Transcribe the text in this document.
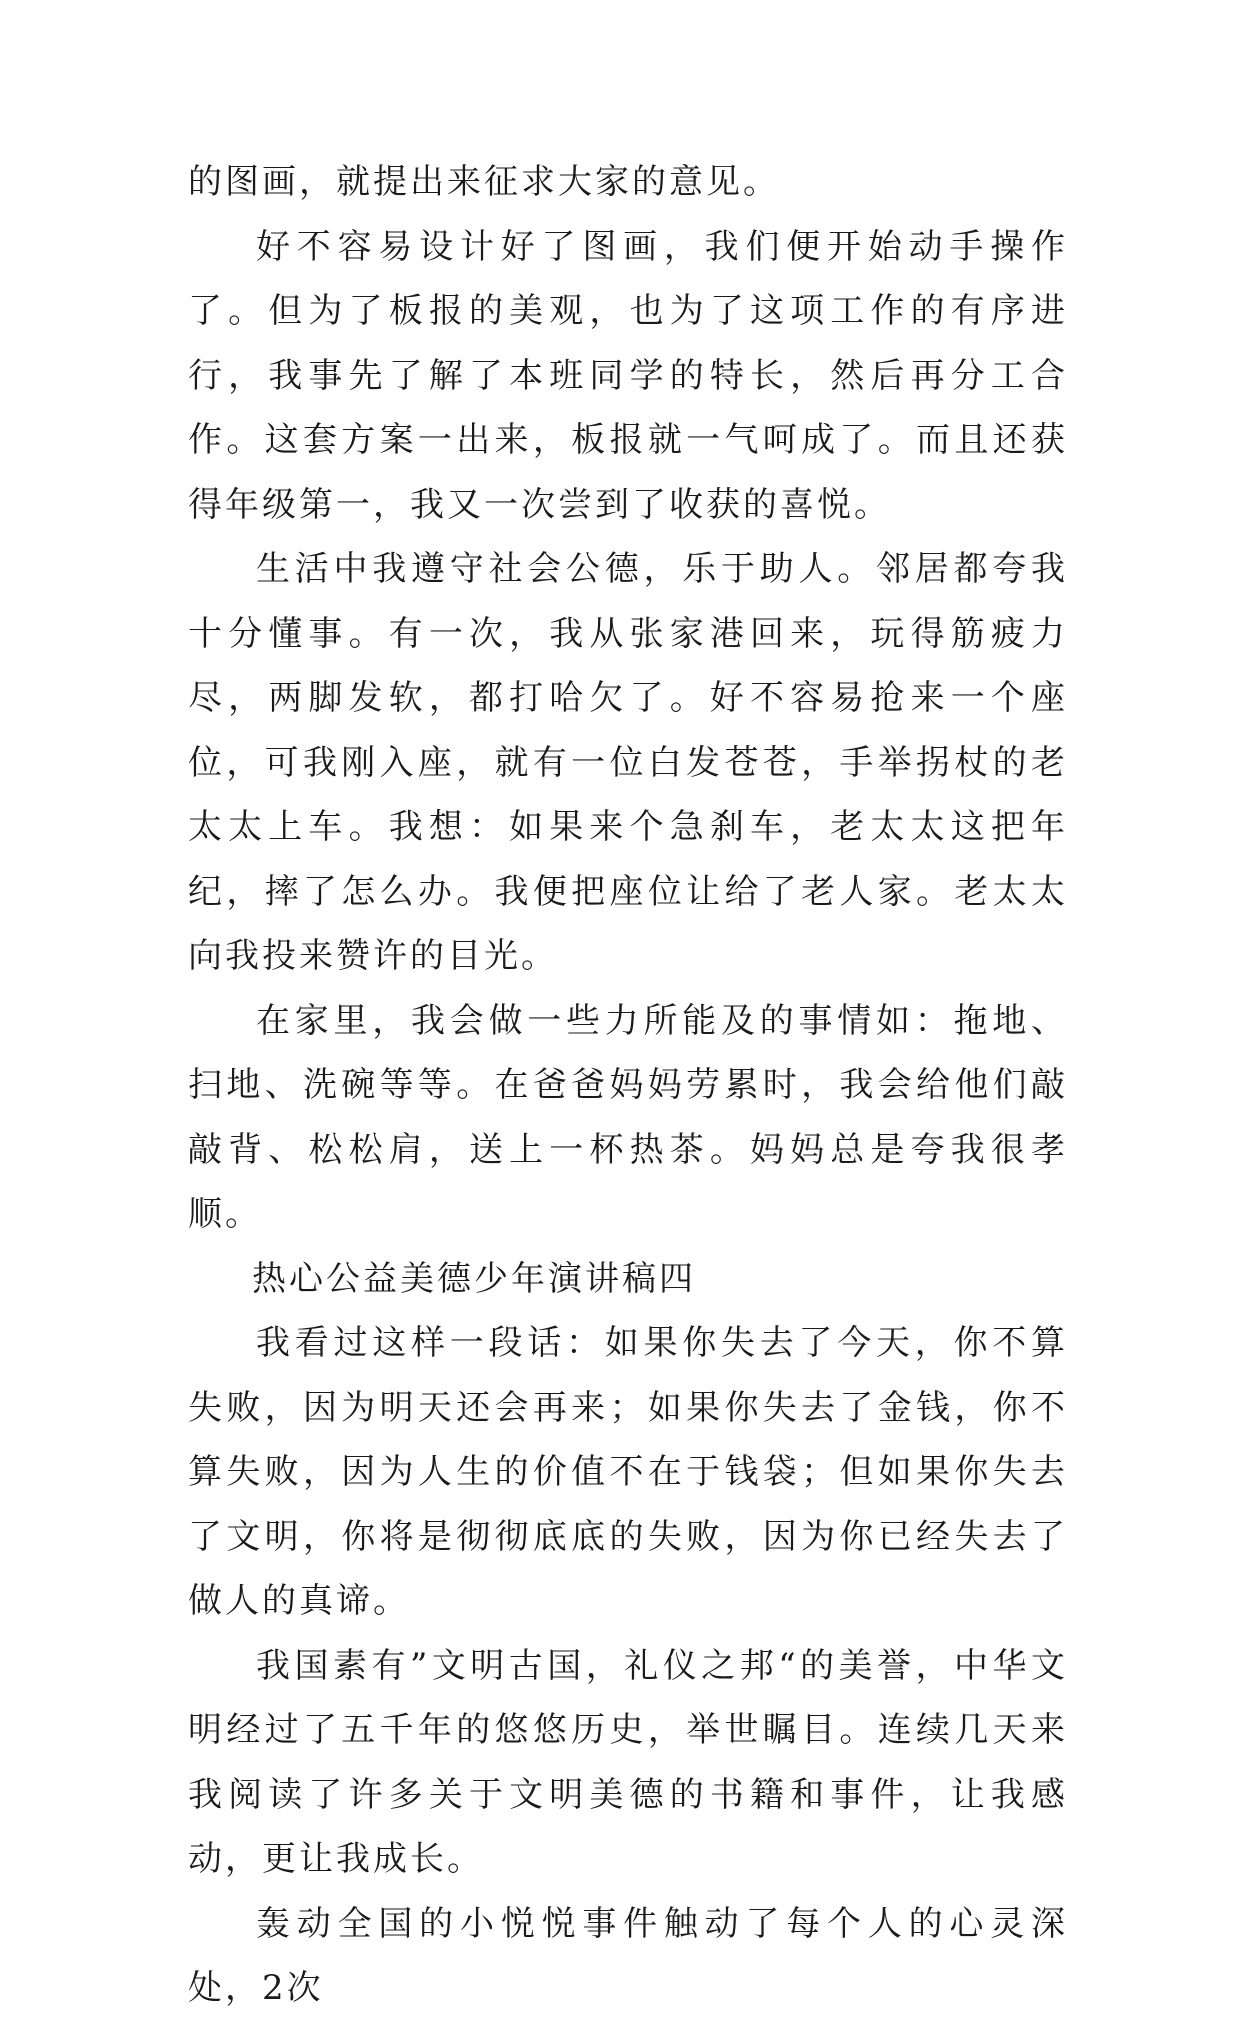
的图画，就提出来征求大家的意见。

好不容易设计好了图画，我们便开始动手操作了。但为了板报的美观，也为了这项工作的有序进行，我事先了解了本班同学的特长，然后再分工合作。这套方案一出来，板报就一气呵成了。而且还获得年级第一，我又一次尝到了收获的喜悦。

生活中我遵守社会公德，乐于助人。邻居都夸我十分懂事。有一次，我从张家港回来，玩得筋疲力尽，两脚发软，都打哈欠了。好不容易抢来一个座位，可我刚入座，就有一位白发苍苍，手举拐杖的老太太上车。我想：如果来个急刹车，老太太这把年纪，摔了怎么办。我便把座位让给了老人家。老太太向我投来赞许的目光。

在家里，我会做一些力所能及的事情如：拖地、扫地、洗碗等等。在爸爸妈妈劳累时，我会给他们敲敲背、松松肩，送上一杯热茶。妈妈总是夸我很孝顺。

热心公益美德少年演讲稿四

我看过这样一段话：如果你失去了今天，你不算失败，因为明天还会再来；如果你失去了金钱，你不算失败，因为人生的价值不在于钱袋；但如果你失去了文明，你将是彻彻底底的失败，因为你已经失去了做人的真谛。

我国素有”文明古国，礼仪之邦“的美誉，中华文明经过了五千年的悠悠历史，举世瞩目。连续几天来我阅读了许多关于文明美德的书籍和事件，让我感动，更让我成长。

轰动全国的小悦悦事件触动了每个人的心灵深处，2次
